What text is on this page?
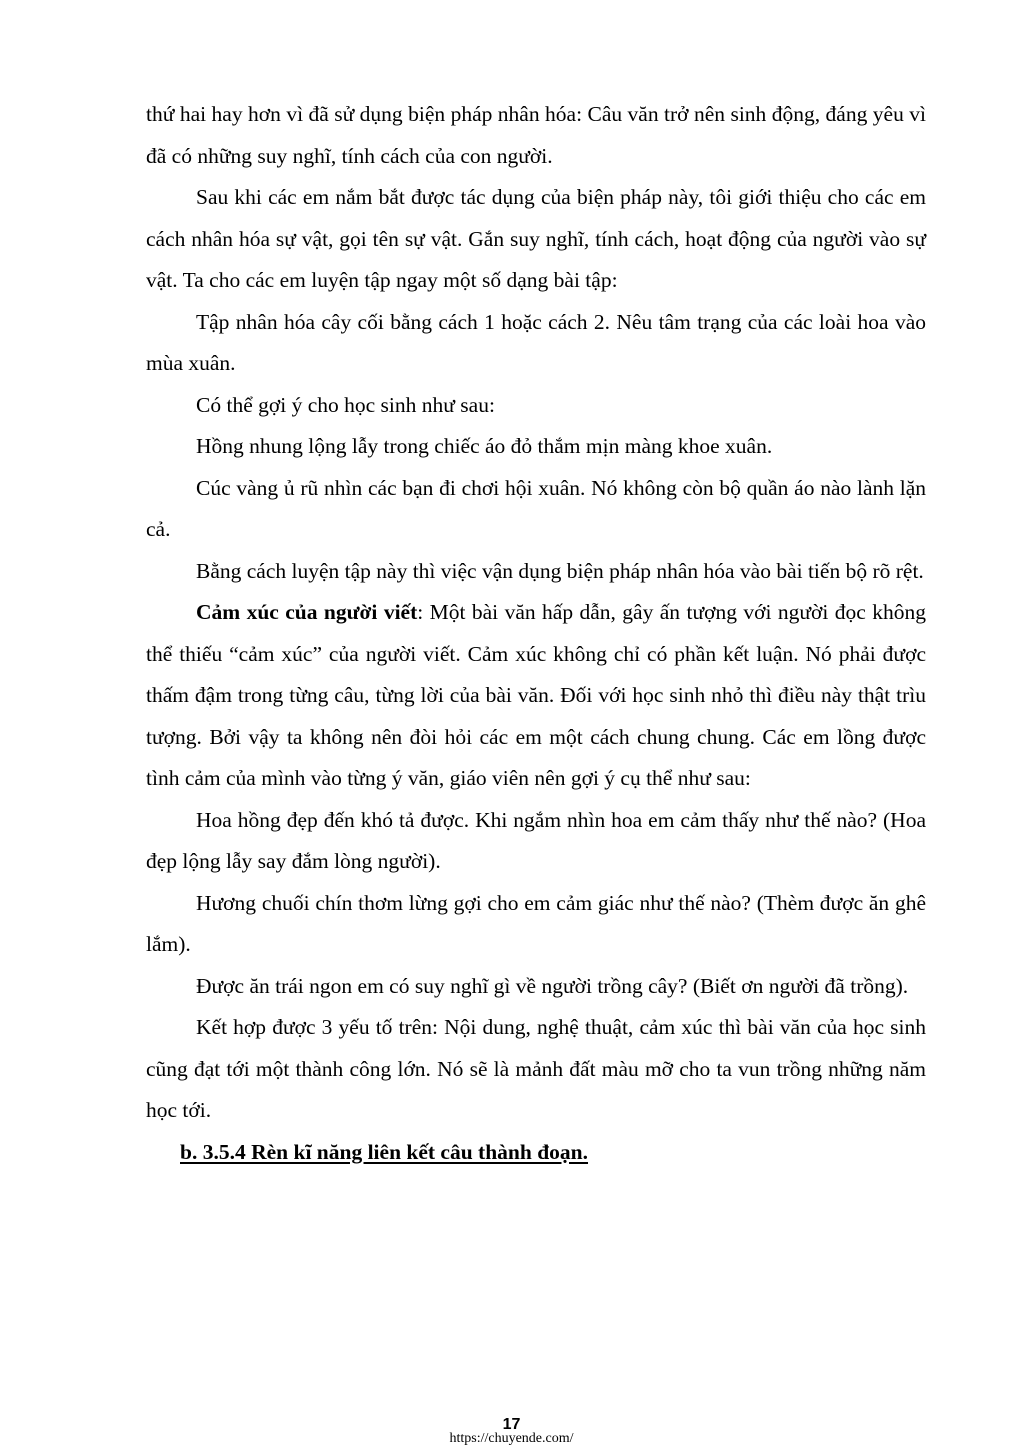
thứ hai hay hơn vì đã sử dụng biện pháp nhân hóa: Câu văn trở nên sinh động, đáng yêu vì đã có những suy nghĩ, tính cách của con người.

Sau khi các em nắm bắt được tác dụng của biện pháp này, tôi giới thiệu cho các em cách nhân hóa sự vật, gọi tên sự vật. Gắn suy nghĩ, tính cách, hoạt động của người vào sự vật. Ta cho các em luyện tập ngay một số dạng bài tập:

Tập nhân hóa cây cối bằng cách 1 hoặc cách 2. Nêu tâm trạng của các loài hoa vào mùa xuân.

Có thể gợi ý cho học sinh như sau:

Hồng nhung lộng lẫy trong chiếc áo đỏ thắm mịn màng khoe xuân.

Cúc vàng ủ rũ nhìn các bạn đi chơi hội xuân. Nó không còn bộ quần áo nào lành lặn cả.

Bằng cách luyện tập này thì việc vận dụng biện pháp nhân hóa vào bài tiến bộ rõ rệt.

Cảm xúc của người viết: Một bài văn hấp dẫn, gây ấn tượng với người đọc không thể thiếu “cảm xúc” của người viết. Cảm xúc không chỉ có phần kết luận. Nó phải được thấm đậm trong từng câu, từng lời của bài văn. Đối với học sinh nhỏ thì điều này thật trìu tượng. Bởi vậy ta không nên đòi hỏi các em một cách chung chung. Các em lồng được tình cảm của mình vào từng ý văn, giáo viên nên gợi ý cụ thể như sau:

Hoa hồng đẹp đến khó tả được. Khi ngắm nhìn hoa em cảm thấy như thế nào? (Hoa đẹp lộng lẫy say đắm lòng người).

Hương chuối chín thơm lừng gợi cho em cảm giác như thế nào? (Thèm được ăn ghê lắm).

Được ăn trái ngon em có suy nghĩ gì về người trồng cây? (Biết ơn người đã trồng).

Kết hợp được 3 yếu tố trên: Nội dung, nghệ thuật, cảm xúc thì bài văn của học sinh cũng đạt tới một thành công lớn. Nó sẽ là mảnh đất màu mỡ cho ta vun trồng những năm học tới.

b. 3.5.4 Rèn kĩ năng liên kết câu thành đoạn.

17
https://chuyende.com/
